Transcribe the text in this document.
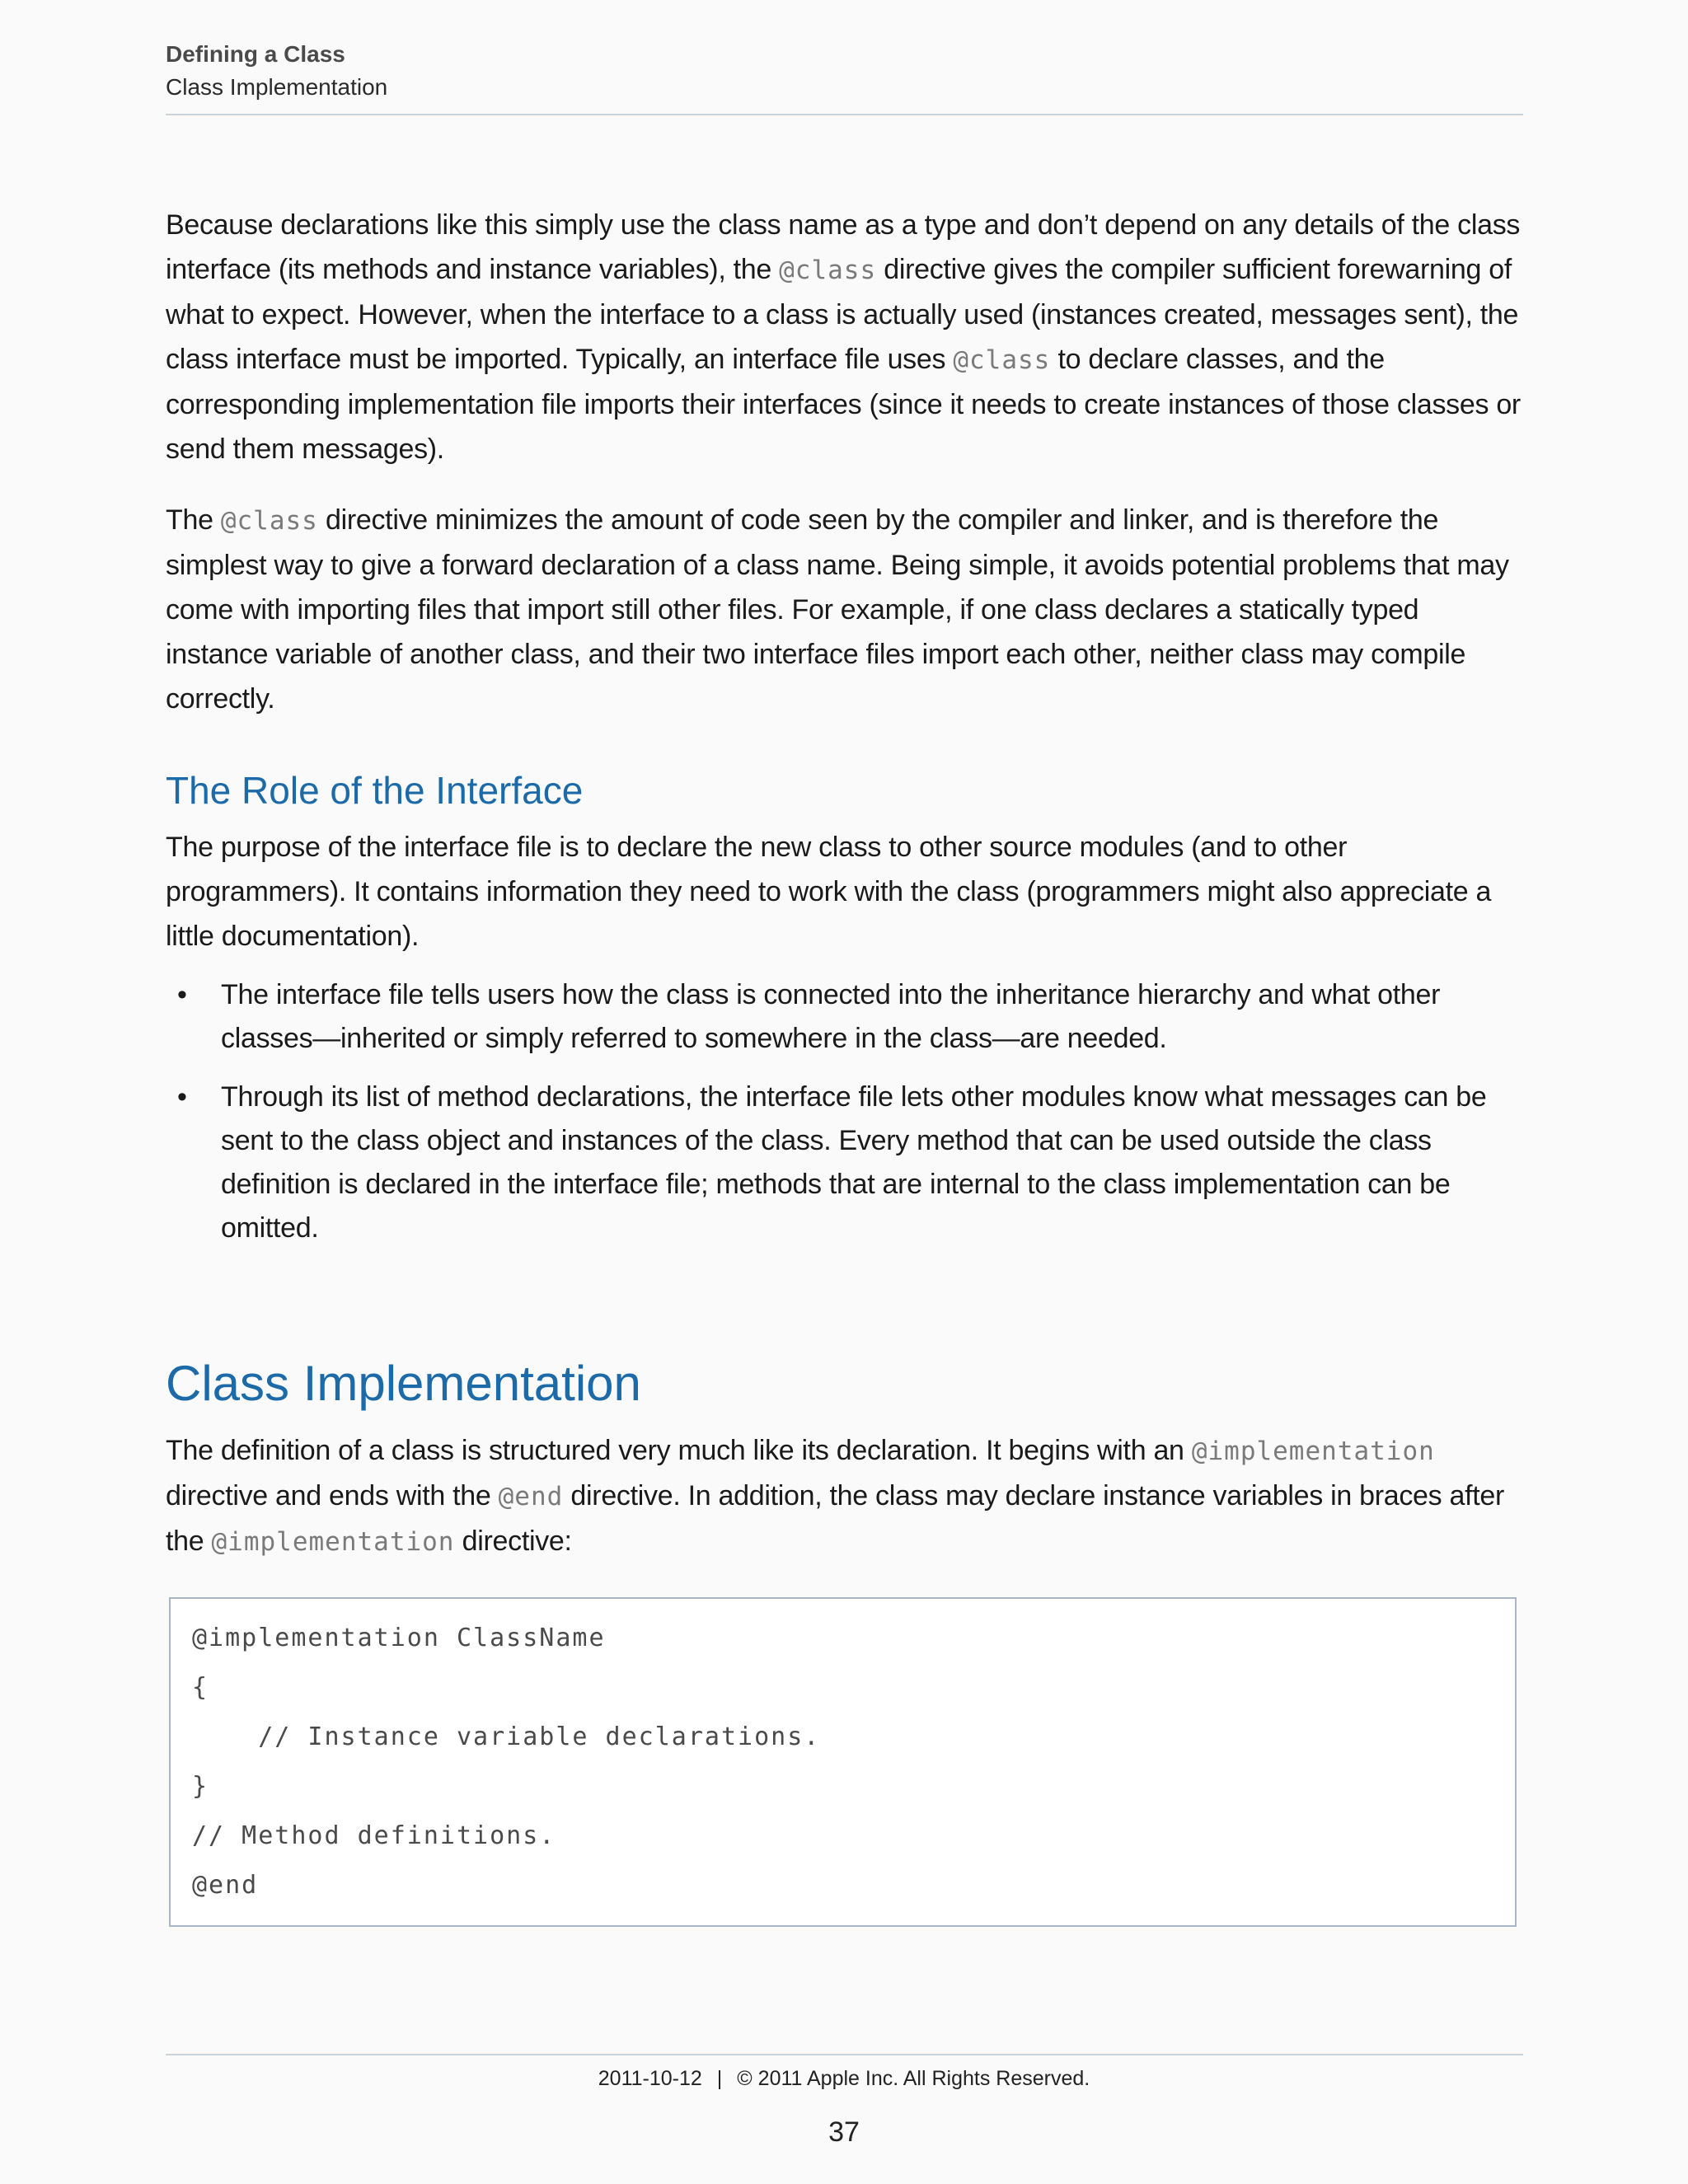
Defining a Class
Class Implementation

Because declarations like this simply use the class name as a type and don’t depend on any details of the class interface (its methods and instance variables), the @class directive gives the compiler sufficient forewarning of what to expect. However, when the interface to a class is actually used (instances created, messages sent), the class interface must be imported. Typically, an interface file uses @class to declare classes, and the corresponding implementation file imports their interfaces (since it needs to create instances of those classes or send them messages).

The @class directive minimizes the amount of code seen by the compiler and linker, and is therefore the simplest way to give a forward declaration of a class name. Being simple, it avoids potential problems that may come with importing files that import still other files. For example, if one class declares a statically typed instance variable of another class, and their two interface files import each other, neither class may compile correctly.

The Role of the Interface

The purpose of the interface file is to declare the new class to other source modules (and to other programmers). It contains information they need to work with the class (programmers might also appreciate a little documentation).

• The interface file tells users how the class is connected into the inheritance hierarchy and what other classes—inherited or simply referred to somewhere in the class—are needed.
• Through its list of method declarations, the interface file lets other modules know what messages can be sent to the class object and instances of the class. Every method that can be used outside the class definition is declared in the interface file; methods that are internal to the class implementation can be omitted.
Class Implementation

The definition of a class is structured very much like its declaration. It begins with an @implementation directive and ends with the @end directive. In addition, the class may declare instance variables in braces after the @implementation directive:

@implementation ClassName
{
// Instance variable declarations.
}
// Method definitions.
@end
2011-10-12 | © 2011 Apple Inc. All Rights Reserved.
37
